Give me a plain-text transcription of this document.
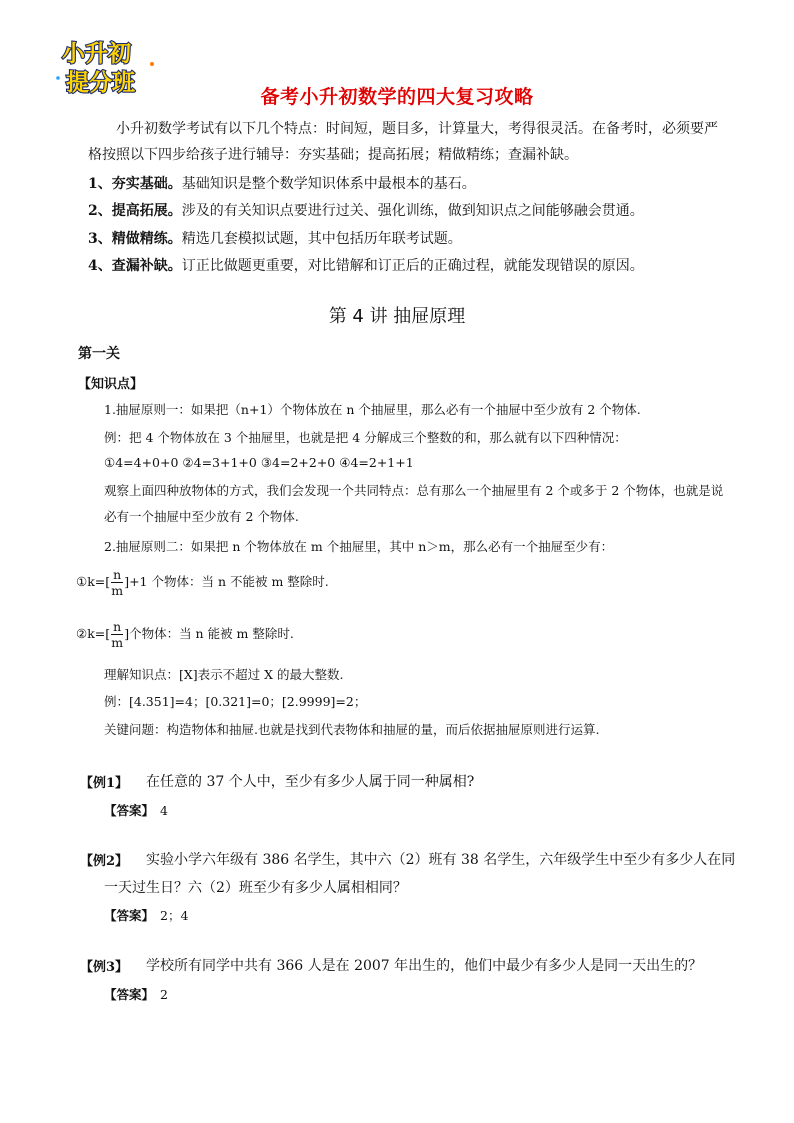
小升初
提分班
备考小升初数学的四大复习攻略
小升初数学考试有以下几个特点：时间短，题目多，计算量大，考得很灵活。在备考时，必须要严格按照以下四步给孩子进行辅导：夯实基础；提高拓展；精做精练；查漏补缺。
1、夯实基础。基础知识是整个数学知识体系中最根本的基石。
2、提高拓展。涉及的有关知识点要进行过关、强化训练，做到知识点之间能够融会贯通。
3、精做精练。精选几套模拟试题，其中包括历年联考试题。
4、查漏补缺。订正比做题更重要，对比错解和订正后的正确过程，就能发现错误的原因。
第 4 讲 抽屉原理
第一关
【知识点】
1.抽屉原则一：如果把（n+1）个物体放在 n 个抽屉里，那么必有一个抽屉中至少放有 2 个物体.
例：把 4 个物体放在 3 个抽屉里，也就是把 4 分解成三个整数的和，那么就有以下四种情况：
①4=4+0+0 ②4=3+1+0 ③4=2+2+0 ④4=2+1+1
观察上面四种放物体的方式，我们会发现一个共同特点：总有那么一个抽屉里有 2 个或多于 2 个物体，也就是说必有一个抽屉中至少放有 2 个物体.
2.抽屉原则二：如果把 n 个物体放在 m 个抽屉里，其中 n＞m，那么必有一个抽屉至少有：
①k=[ $\frac{n}{m} ]+1$ 个物体：当 n 不能被 m 整除时.
②k=[ $\frac{n}{m}$ ]个物体：当 n 能被 m 整除时.
理解知识点：[X]表示不超过 X 的最大整数.
例：[4.351]=4；[0.321]=0；[2.9999]=2；
关键问题：构造物体和抽屉.也就是找到代表物体和抽屉的量，而后依据抽屉原则进行运算.
【例1】 在任意的 37 个人中，至少有多少人属于同一种属相?
【答案】 4
【例2】 实验小学六年级有 386 名学生，其中六（2）班有 38 名学生，六年级学生中至少有多少人在同
一天过生日？六（2）班至少有多少人属相相同？
【答案】 2；4
【例3】 学校所有同学中共有 366 人是在 2007 年出生的，他们中最少有多少人是同一天出生的？
【答案】 2
